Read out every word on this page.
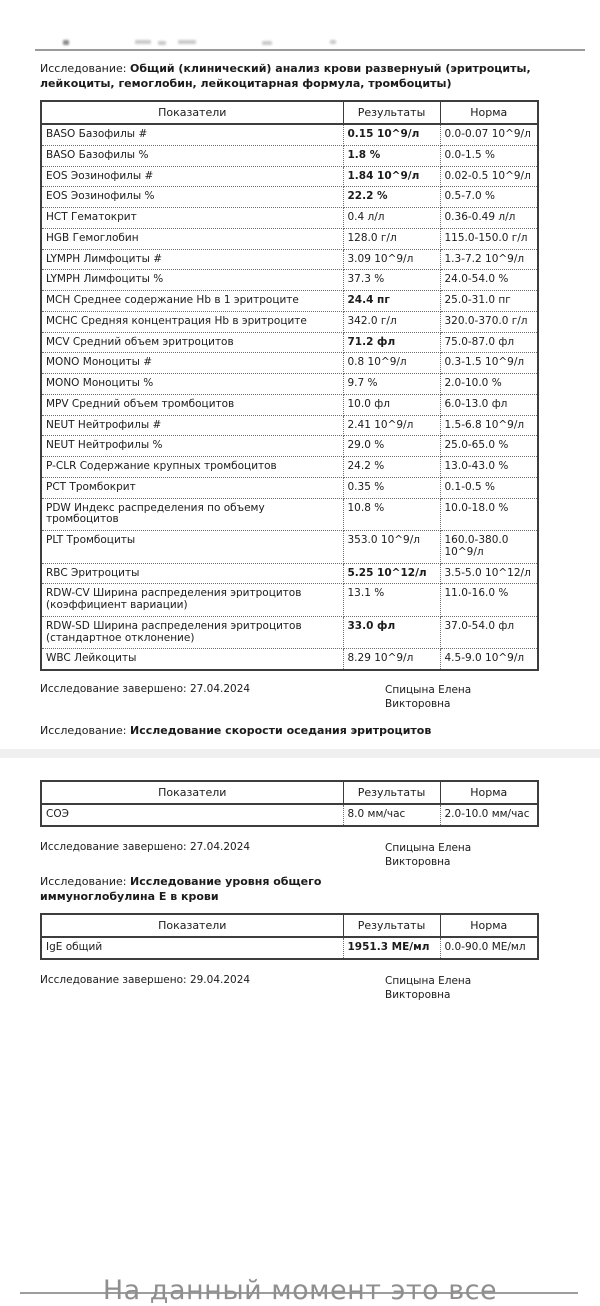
Исследование: Общий (клинический) анализ крови развернуый (эритроциты, лейкоциты, гемоглобин, лейкоцитарная формула, тромбоциты)

Показатели	Результаты	Норма
BASO Базофилы #	0.15 10^9/л	0.0-0.07 10^9/л
BASO Базофилы %	1.8 %	0.0-1.5 %
EOS Эозинофилы #	1.84 10^9/л	0.02-0.5 10^9/л
EOS Эозинофилы %	22.2 %	0.5-7.0 %
HCT Гематокрит	0.4 л/л	0.36-0.49 л/л
HGB Гемоглобин	128.0 г/л	115.0-150.0 г/л
LYMPH Лимфоциты #	3.09 10^9/л	1.3-7.2 10^9/л
LYMPH Лимфоциты %	37.3 %	24.0-54.0 %
MCH Среднее содержание Hb в 1 эритроците	24.4 пг	25.0-31.0 пг
MCHC Средняя концентрация Hb в эритроците	342.0 г/л	320.0-370.0 г/л
MCV Средний объем эритроцитов	71.2 фл	75.0-87.0 фл
MONO Моноциты #	0.8 10^9/л	0.3-1.5 10^9/л
MONO Моноциты %	9.7 %	2.0-10.0 %
MPV Средний объем тромбоцитов	10.0 фл	6.0-13.0 фл
NEUT Нейтрофилы #	2.41 10^9/л	1.5-6.8 10^9/л
NEUT Нейтрофилы %	29.0 %	25.0-65.0 %
P-CLR Содержание крупных тромбоцитов	24.2 %	13.0-43.0 %
PCT Тромбокрит	0.35 %	0.1-0.5 %
PDW Индекс распределения по объему тромбоцитов	10.8 %	10.0-18.0 %
PLT Тромбоциты	353.0 10^9/л	160.0-380.0 10^9/л
RBC Эритроциты	5.25 10^12/л	3.5-5.0 10^12/л
RDW-CV Ширина распределения эритроцитов (коэффициент вариации)	13.1 %	11.0-16.0 %
RDW-SD Ширина распределения эритроцитов (стандартное отклонение)	33.0 фл	37.0-54.0 фл
WBC Лейкоциты	8.29 10^9/л	4.5-9.0 10^9/л
Исследование завершено: 27.04.2024	Спицына Елена Викторовна

Исследование: Исследование скорости оседания эритроцитов

Показатели	Результаты	Норма
СОЭ	8.0 мм/час	2.0-10.0 мм/час
Исследование завершено: 27.04.2024	Спицына Елена Викторовна

Исследование: Исследование уровня общего иммуноглобулина Е в крови

Показатели	Результаты	Норма
IgE общий	1951.3 МЕ/мл	0.0-90.0 МЕ/мл
Исследование завершено: 29.04.2024	Спицына Елена Викторовна
На данный момент это все
